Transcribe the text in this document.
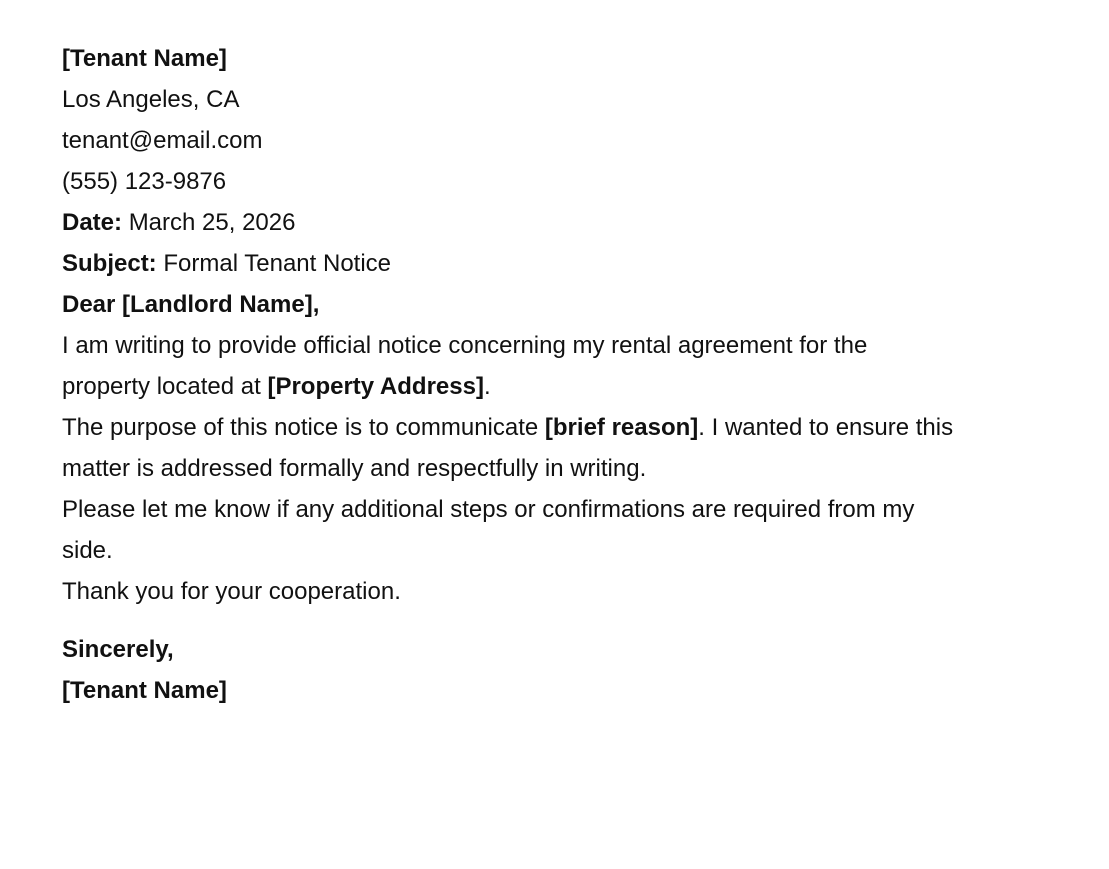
[Tenant Name]
Los Angeles, CA
tenant@email.com
(555) 123-9876

Date: March 25, 2026

Subject: Formal Tenant Notice

Dear [Landlord Name],

I am writing to provide official notice concerning my rental agreement for the
property located at [Property Address].

The purpose of this notice is to communicate [brief reason]. I wanted to ensure this
matter is addressed formally and respectfully in writing.

Please let me know if any additional steps or confirmations are required from my
side.

Thank you for your cooperation.

Sincerely,
[Tenant Name]
